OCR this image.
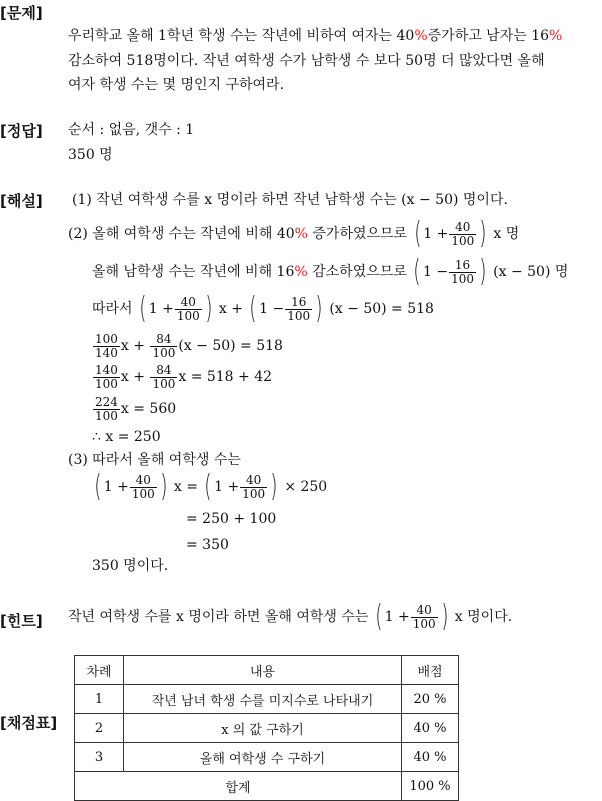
[문제]
[정답]
[해설]
[힌트]
[채점표]
우리학교 올해 1학년 학생 수는 작년에 비하여 여자는 40%증가하고 남자는 16%
감소하여 518명이다. 작년 여학생 수가 남학생 수 보다 50명 더 많았다면 올해
여자 학생 수는 몇 명인지 구하여라.
순서 : 없음, 갯수 : 1
350 명
(1) 작년 여학생 수를 x 명이라 하면 작년 남학생 수는 (x − 50) 명이다.
(2) 올해 여학생 수는 작년에 비해 40% 증가하였으므로 ( $1 + \frac{40}{100}$ ) x 명
올해 남학생 수는 작년에 비해 16% 감소하였으므로 ( $1 - \frac{16}{100}$ ) (x − 50) 명
따라서 ( $1 + \frac{40}{100}$ ) x + ( $1 - \frac{16}{100}$ ) (x − 50) = 518
$\frac{100}{140}$ $x + \frac{84}{100} (x - 50) = 518$
$\frac{140}{100}$ $x + \frac{84}{100}$ x = 518 + 42
$\frac{224}{100}$ x = 560
∴ x = 250
(3) 따라서 올해 여학생 수는
( $1 + \frac{40}{100}$ ) x = ( $1 + \frac{40}{100}$ ) × 250
= 250 + 100
= 350
350 명이다.
작년 여학생 수를 x 명이라 하면 올해 여학생 수는 ( $1 + \frac{40}{100}$ ) x 명이다.
차례	내용	배점
1	작년 남녀 학생 수를 미지수로 나타내기	20 %
2	x 의 값 구하기	40 %
3	올해 여학생 수 구하기	40 %
합계		100 %
